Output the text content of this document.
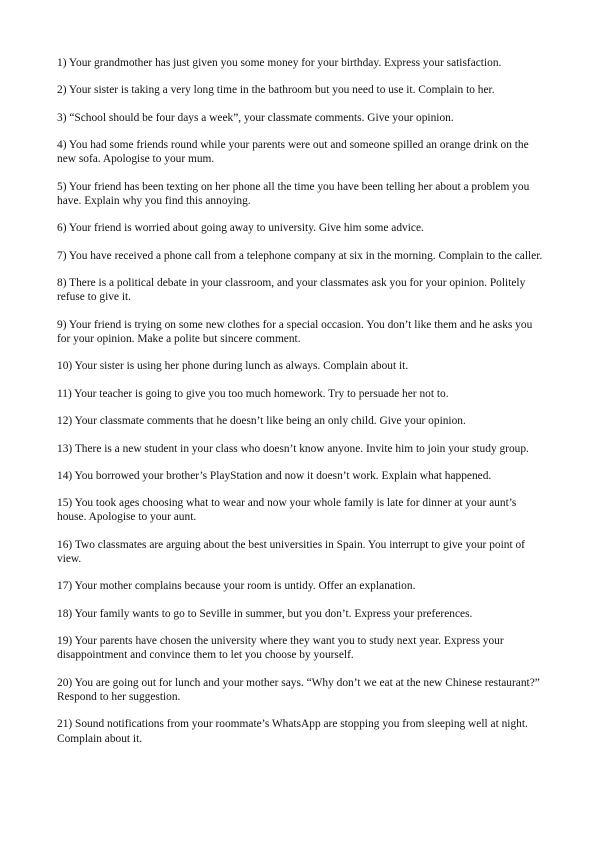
1) Your grandmother has just given you some money for your birthday. Express your satisfaction.
2) Your sister is taking a very long time in the bathroom but you need to use it. Complain to her.
3) “School should be four days a week”, your classmate comments. Give your opinion.
4) You had some friends round while your parents were out and someone spilled an orange drink on the new sofa. Apologise to your mum.
5) Your friend has been texting on her phone all the time you have been telling her about a problem you have. Explain why you find this annoying.
6) Your friend is worried about going away to university. Give him some advice.
7) You have received a phone call from a telephone company at six in the morning. Complain to the caller.
8) There is a political debate in your classroom, and your classmates ask you for your opinion. Politely refuse to give it.
9) Your friend is trying on some new clothes for a special occasion. You don’t like them and he asks you for your opinion. Make a polite but sincere comment.
10) Your sister is using her phone during lunch as always. Complain about it.
11) Your teacher is going to give you too much homework. Try to persuade her not to.
12) Your classmate comments that he doesn’t like being an only child. Give your opinion.
13) There is a new student in your class who doesn’t know anyone. Invite him to join your study group.
14) You borrowed your brother’s PlayStation and now it doesn’t work. Explain what happened.
15) You took ages choosing what to wear and now your whole family is late for dinner at your aunt’s house. Apologise to your aunt.
16) Two classmates are arguing about the best universities in Spain. You interrupt to give your point of view.
17) Your mother complains because your room is untidy. Offer an explanation.
18) Your family wants to go to Seville in summer, but you don’t. Express your preferences.
19) Your parents have chosen the university where they want you to study next year. Express your disappointment and convince them to let you choose by yourself.
20) You are going out for lunch and your mother says. “Why don’t we eat at the new Chinese restaurant?” Respond to her suggestion.
21) Sound notifications from your roommate’s WhatsApp are stopping you from sleeping well at night. Complain about it.
